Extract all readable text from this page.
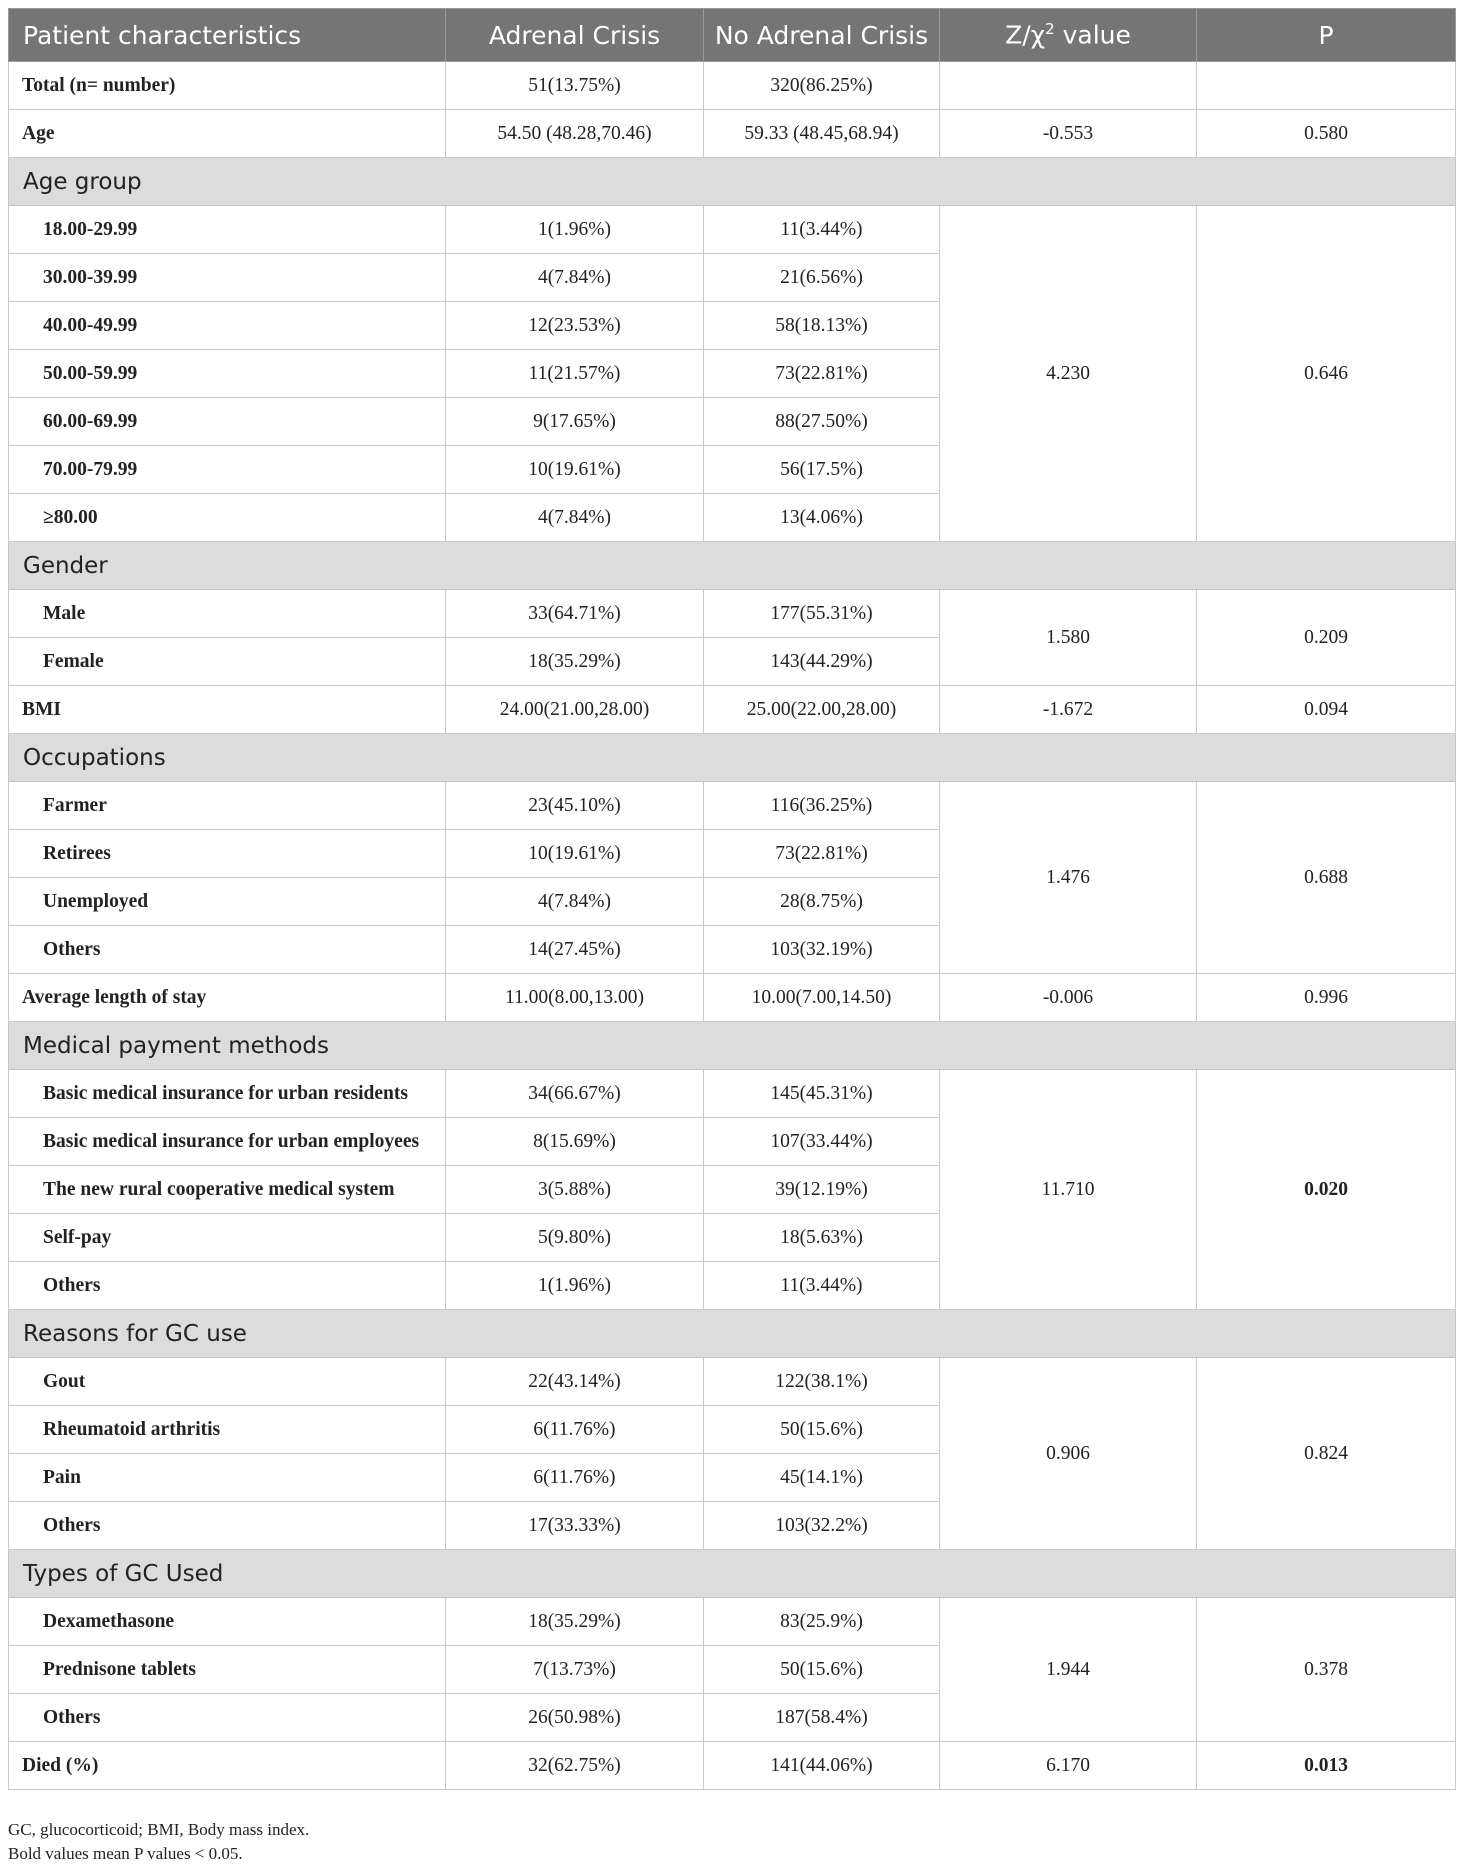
Patient characteristics	Adrenal Crisis	No Adrenal Crisis	$Z/\chi^2$ value	P
Total (n= number)	51(13.75%)	320(86.25%)		
Age	54.50 (48.28,70.46)	59.33 (48.45,68.94)	-0.553	0.580
Age group				
18.00-29.99	1(1.96%)	11(3.44%)	4.230	0.646
30.00-39.99	4(7.84%)	21(6.56%)		
40.00-49.99	12(23.53%)	58(18.13%)		
50.00-59.99	11(21.57%)	73(22.81%)		
60.00-69.99	9(17.65%)	88(27.50%)		
70.00-79.99	10(19.61%)	56(17.5%)		
≥80.00	4(7.84%)	13(4.06%)		
Gender				
Male	33(64.71%)	177(55.31%)	1.580	0.209
Female	18(35.29%)	143(44.29%)		
BMI	24.00(21.00,28.00)	25.00(22.00,28.00)	-1.672	0.094
Occupations				
Farmer	23(45.10%)	116(36.25%)	1.476	0.688
Retirees	10(19.61%)	73(22.81%)		
Unemployed	4(7.84%)	28(8.75%)		
Others	14(27.45%)	103(32.19%)		
Average length of stay	11.00(8.00,13.00)	10.00(7.00,14.50)	-0.006	0.996
Medical payment methods				
Basic medical insurance for urban residents	34(66.67%)	145(45.31%)	11.710	0.020
Basic medical insurance for urban employees	8(15.69%)	107(33.44%)		
The new rural cooperative medical system	3(5.88%)	39(12.19%)		
Self-pay	5(9.80%)	18(5.63%)		
Others	1(1.96%)	11(3.44%)		
Reasons for GC use				
Gout	22(43.14%)	122(38.1%)	0.906	0.824
Rheumatoid arthritis	6(11.76%)	50(15.6%)		
Pain	6(11.76%)	45(14.1%)		
Others	17(33.33%)	103(32.2%)		
Types of GC Used				
Dexamethasone	18(35.29%)	83(25.9%)	1.944	0.378
Prednisone tablets	7(13.73%)	50(15.6%)		
Others	26(50.98%)	187(58.4%)		
Died (%)	32(62.75%)	141(44.06%)	6.170	0.013
GC, glucocorticoid; BMI, Body mass index.
Bold values mean P values < 0.05.
